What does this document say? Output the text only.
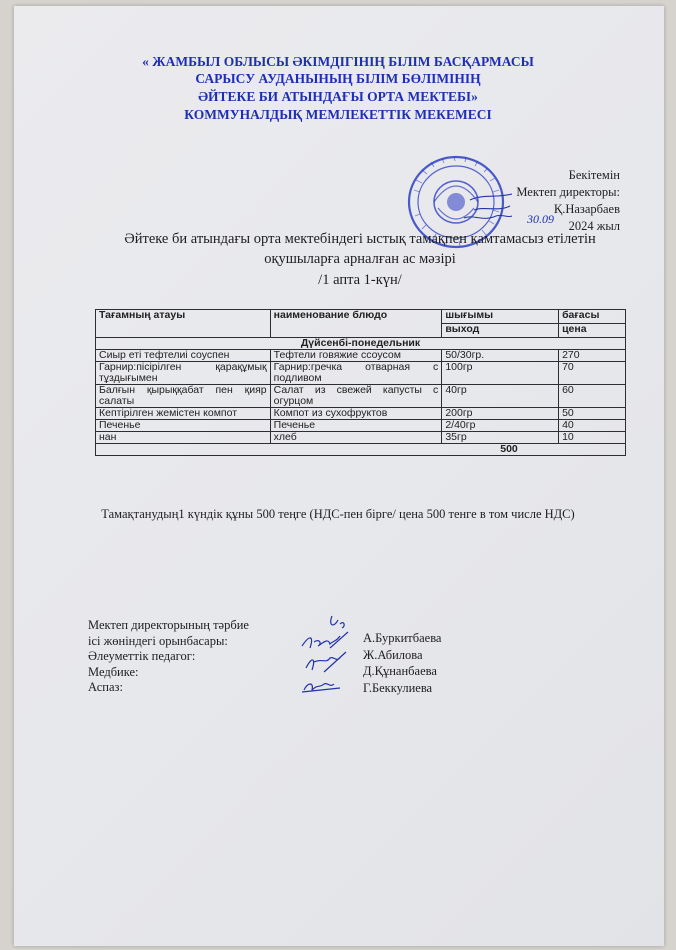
« ЖАМБЫЛ ОБЛЫСЫ ӘКІМДІГІНІҢ БІЛІМ БАСҚАРМАСЫ
САРЫСУ АУДАНЫНЫҢ БІЛІМ БӨЛІМІНІҢ
ӘЙТЕКЕ БИ АТЫНДАҒЫ ОРТА МЕКТЕБІ»
КОММУНАЛДЫҚ МЕМЛЕКЕТТІК МЕКЕМЕСІ
Бекітемін
Мектеп директоры:
Қ.Назарбаев
2024 жыл
30.09
Әйтеке би атындағы орта мектебіндегі ыстық тамақпен қамтамасыз етілетін
оқушыларға арналған ас мәзірі
/1 апта 1-күн/
Тағамның атауы	наименование блюдо	шығымы	бағасы
		выход	цена
Дүйсенбі-понедельник			
Сиыр еті тефтелиі соуспен	Тефтели говяжие ссоусом	50/30гр.	270
Гарнир:пісірілген қарақұмық тұздығымен	Гарнир:гречка отварная с подливом	100гр	70
Балғын қырыққабат пен қияр салаты	Салат из свежей капусты с огурцом	40гр	60
Кептірілген жемістен компот	Компот из сухофруктов	200гр	50
Печенье	Печенье	2/40гр	40
нан	хлеб	35гр	10
500			
Тамақтанудың1 күндік құны 500 теңге (НДС-пен бірге/ цена 500 тенге в том числе НДС)
Мектеп директорының тәрбие
ісі жөніндегі орынбасары:
Әлеуметтік педагог:
Медбике:
Аспаз:
А.Буркитбаева
Ж.Абилова
Д.Құнанбаева
Г.Беккулиева
